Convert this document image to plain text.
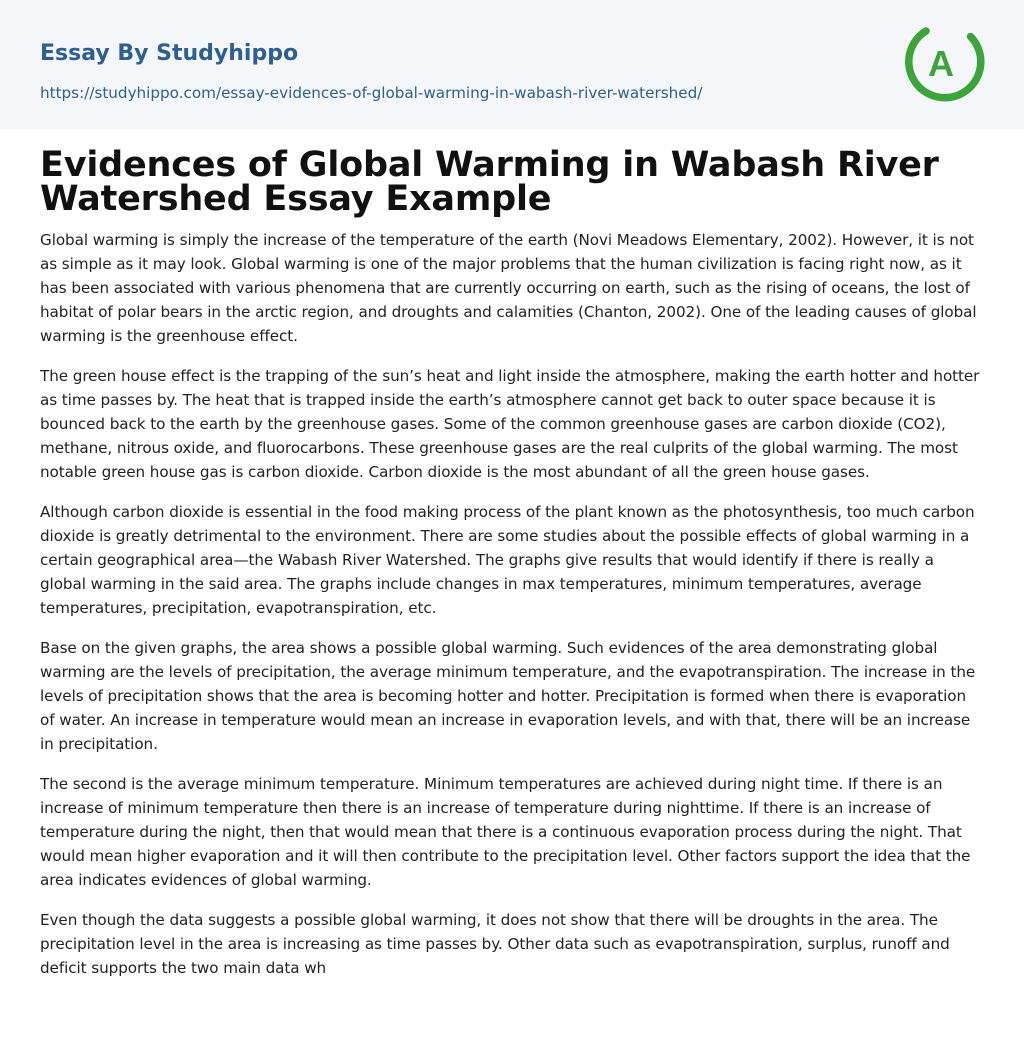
Essay By Studyhippo
https://studyhippo.com/essay-evidences-of-global-warming-in-wabash-river-watershed/
A
Evidences of Global Warming in Wabash River Watershed Essay Example

Global warming is simply the increase of the temperature of the earth (Novi Meadows Elementary, 2002). However, it is not as simple as it may look. Global warming is one of the major problems that the human civilization is facing right now, as it has been associated with various phenomena that are currently occurring on earth, such as the rising of oceans, the lost of habitat of polar bears in the arctic region, and droughts and calamities (Chanton, 2002). One of the leading causes of global warming is the greenhouse effect.

The green house effect is the trapping of the sun’s heat and light inside the atmosphere, making the earth hotter and hotter as time passes by. The heat that is trapped inside the earth’s atmosphere cannot get back to outer space because it is bounced back to the earth by the greenhouse gases. Some of the common greenhouse gases are carbon dioxide (CO2), methane, nitrous oxide, and fluorocarbons. These greenhouse gases are the real culprits of the global warming. The most notable green house gas is carbon dioxide. Carbon dioxide is the most abundant of all the green house gases.

Although carbon dioxide is essential in the food making process of the plant known as the photosynthesis, too much carbon dioxide is greatly detrimental to the environment. There are some studies about the possible effects of global warming in a certain geographical area—the Wabash River Watershed. The graphs give results that would identify if there is really a global warming in the said area. The graphs include changes in max temperatures, minimum temperatures, average temperatures, precipitation, evapotranspiration, etc.

Base on the given graphs, the area shows a possible global warming. Such evidences of the area demonstrating global warming are the levels of precipitation, the average minimum temperature, and the evapotranspiration. The increase in the levels of precipitation shows that the area is becoming hotter and hotter. Precipitation is formed when there is evaporation of water. An increase in temperature would mean an increase in evaporation levels, and with that, there will be an increase in precipitation.

The second is the average minimum temperature. Minimum temperatures are achieved during night time. If there is an increase of minimum temperature then there is an increase of temperature during nighttime. If there is an increase of temperature during the night, then that would mean that there is a continuous evaporation process during the night. That would mean higher evaporation and it will then contribute to the precipitation level. Other factors support the idea that the area indicates evidences of global warming.

Even though the data suggests a possible global warming, it does not show that there will be droughts in the area. The precipitation level in the area is increasing as time passes by. Other data such as evapotranspiration, surplus, runoff and deficit supports the two main data wh
